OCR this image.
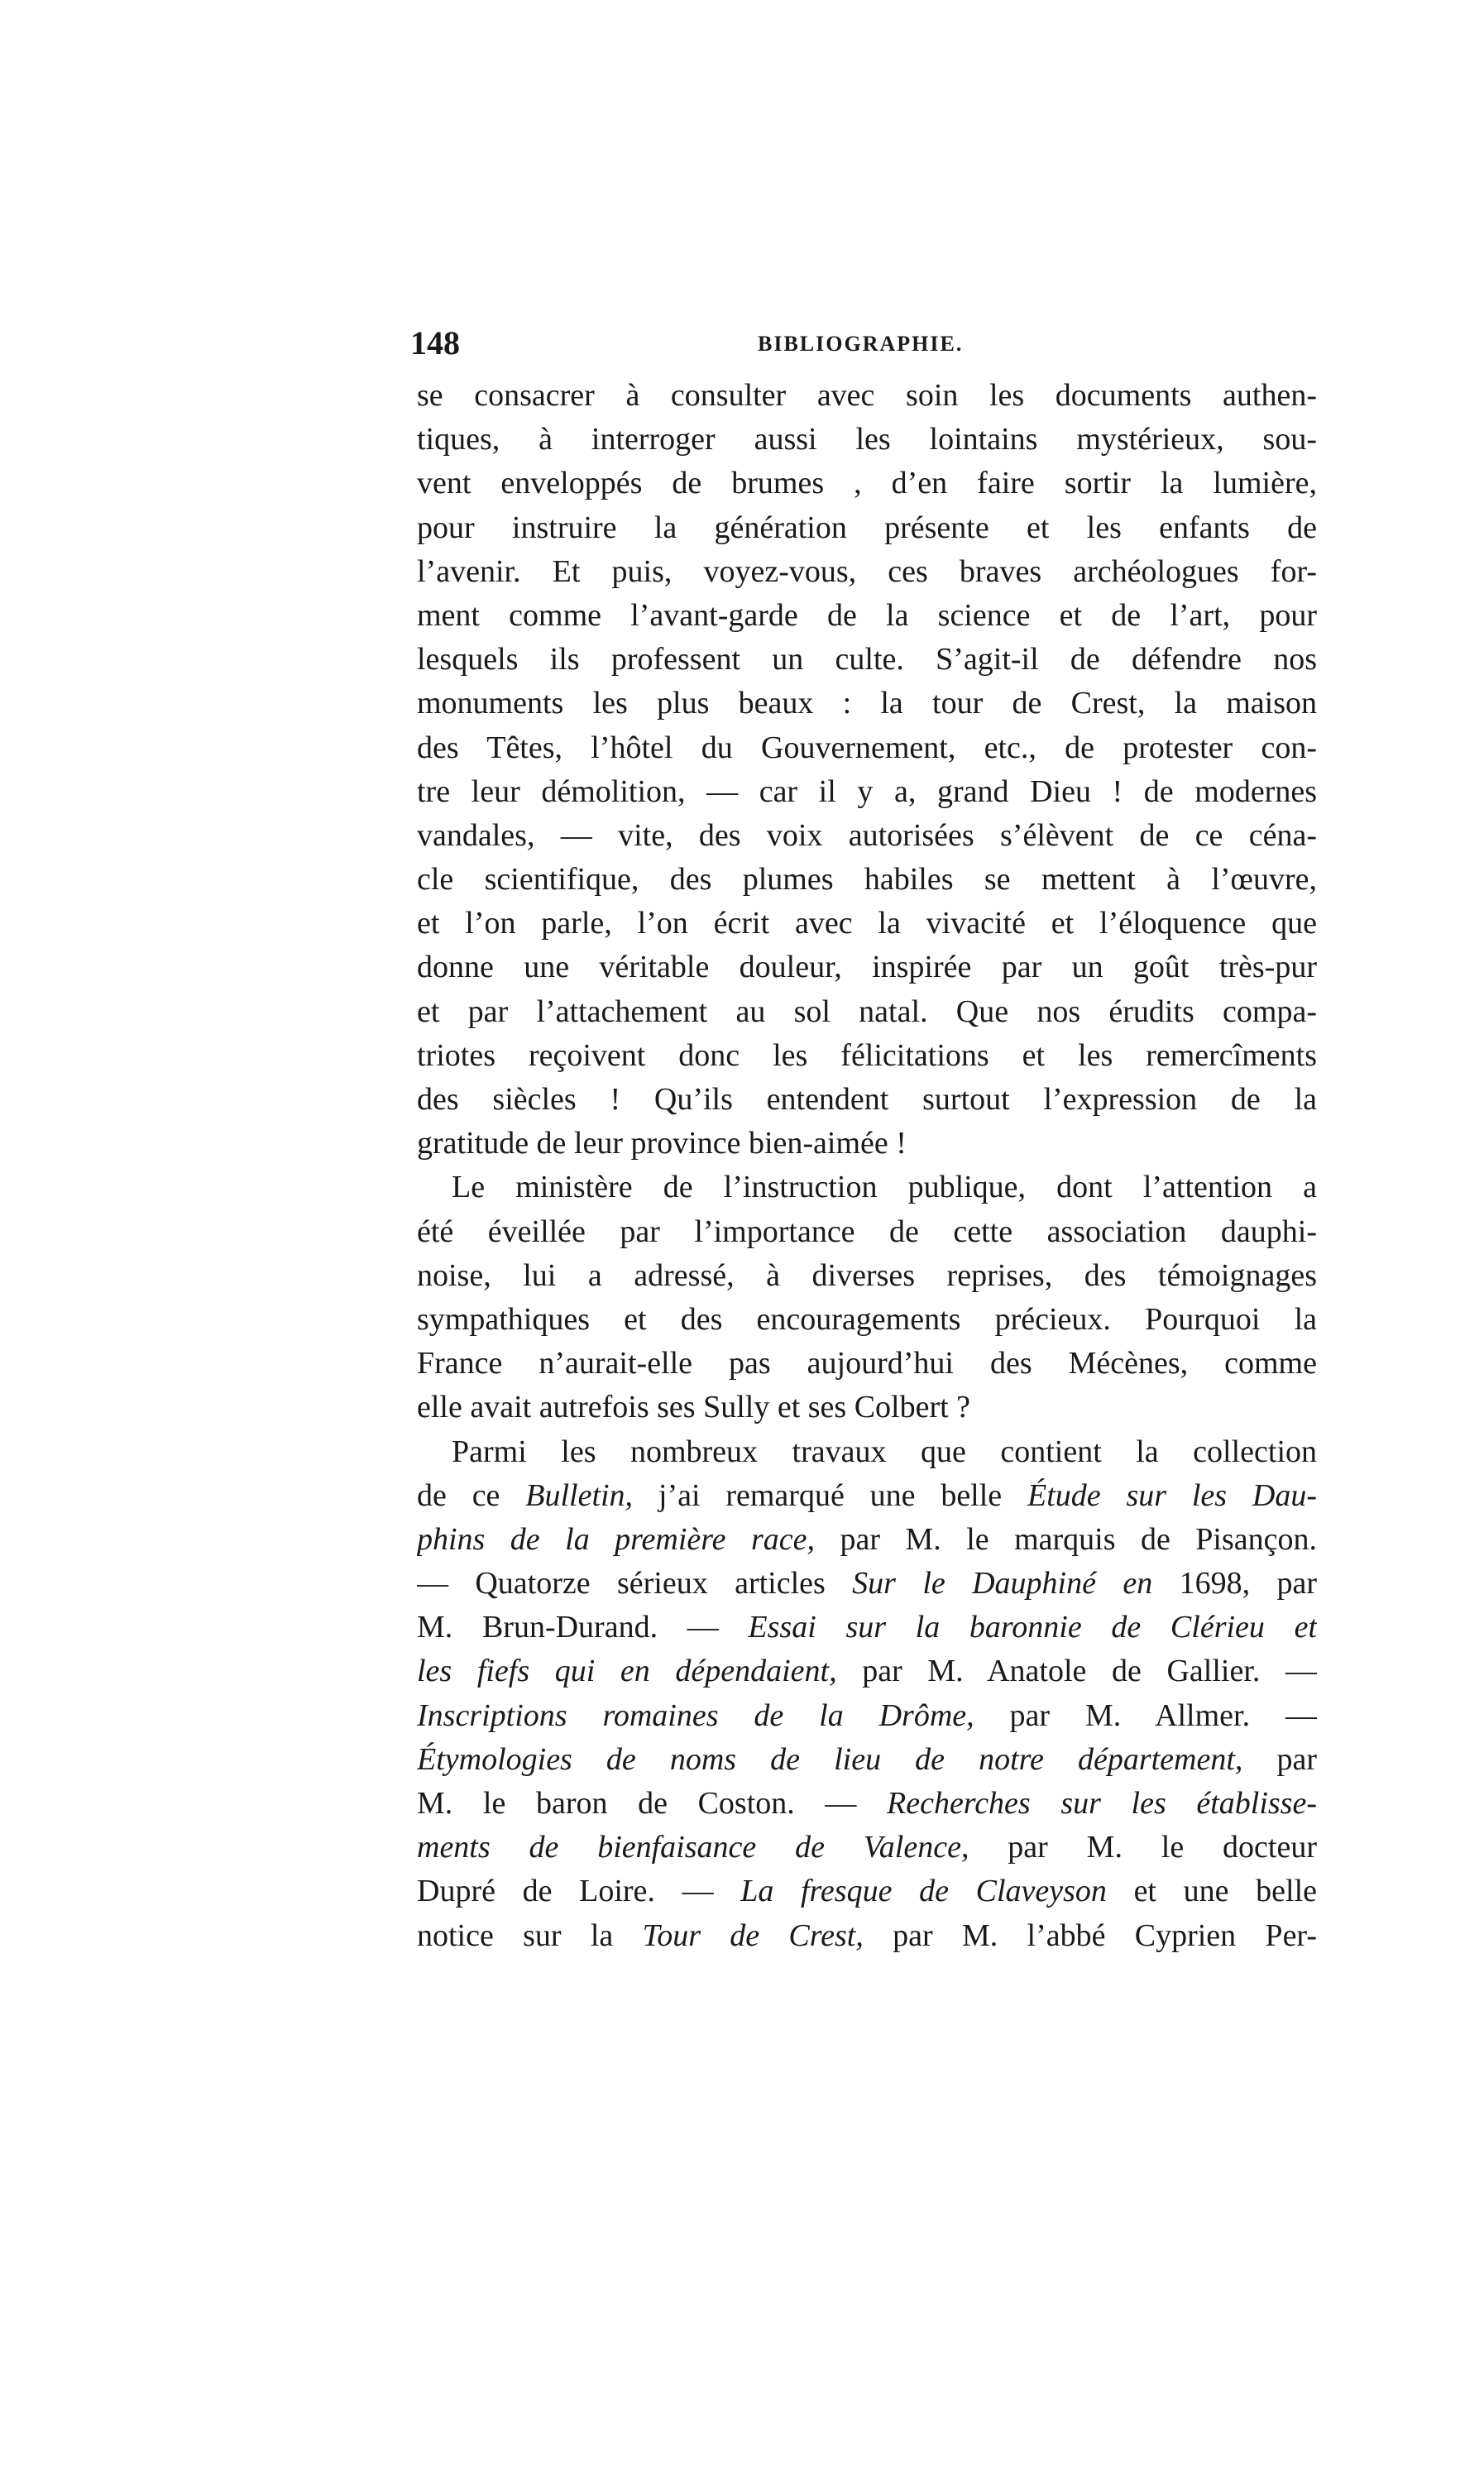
148	BIBLIOGRAPHIE.
se consacrer à consulter avec soin les documents authen-
tiques, à interroger aussi les lointains mystérieux, sou-
vent enveloppés de brumes , d’en faire sortir la lumière,
pour instruire la génération présente et les enfants de
l’avenir. Et puis, voyez-vous, ces braves archéologues for-
ment comme l’avant-garde de la science et de l’art, pour
lesquels ils professent un culte. S’agit-il de défendre nos
monuments les plus beaux : la tour de Crest, la maison
des Têtes, l’hôtel du Gouvernement, etc., de protester con-
tre leur démolition, — car il y a, grand Dieu ! de modernes
vandales, — vite, des voix autorisées s’élèvent de ce céna-
cle scientifique, des plumes habiles se mettent à l’œuvre,
et l’on parle, l’on écrit avec la vivacité et l’éloquence que
donne une véritable douleur, inspirée par un goût très-pur
et par l’attachement au sol natal. Que nos érudits compa-
triotes reçoivent donc les félicitations et les remercîments
des siècles ! Qu’ils entendent surtout l’expression de la
gratitude de leur province bien-aimée !
Le ministère de l’instruction publique, dont l’attention a
été éveillée par l’importance de cette association dauphi-
noise, lui a adressé, à diverses reprises, des témoignages
sympathiques et des encouragements précieux. Pourquoi la
France n’aurait-elle pas aujourd’hui des Mécènes, comme
elle avait autrefois ses Sully et ses Colbert ?
Parmi les nombreux travaux que contient la collection
de ce Bulletin, j’ai remarqué une belle Étude sur les Dau-
phins de la première race, par M. le marquis de Pisançon.
— Quatorze sérieux articles Sur le Dauphiné en 1698, par
M. Brun-Durand. — Essai sur la baronnie de Clérieu et
les fiefs qui en dépendaient, par M. Anatole de Gallier. —
Inscriptions romaines de la Drôme, par M. Allmer. —
Étymologies de noms de lieu de notre département, par
M. le baron de Coston. — Recherches sur les établisse-
ments de bienfaisance de Valence, par M. le docteur
Dupré de Loire. — La fresque de Claveyson et une belle
notice sur la Tour de Crest, par M. l’abbé Cyprien Per-
